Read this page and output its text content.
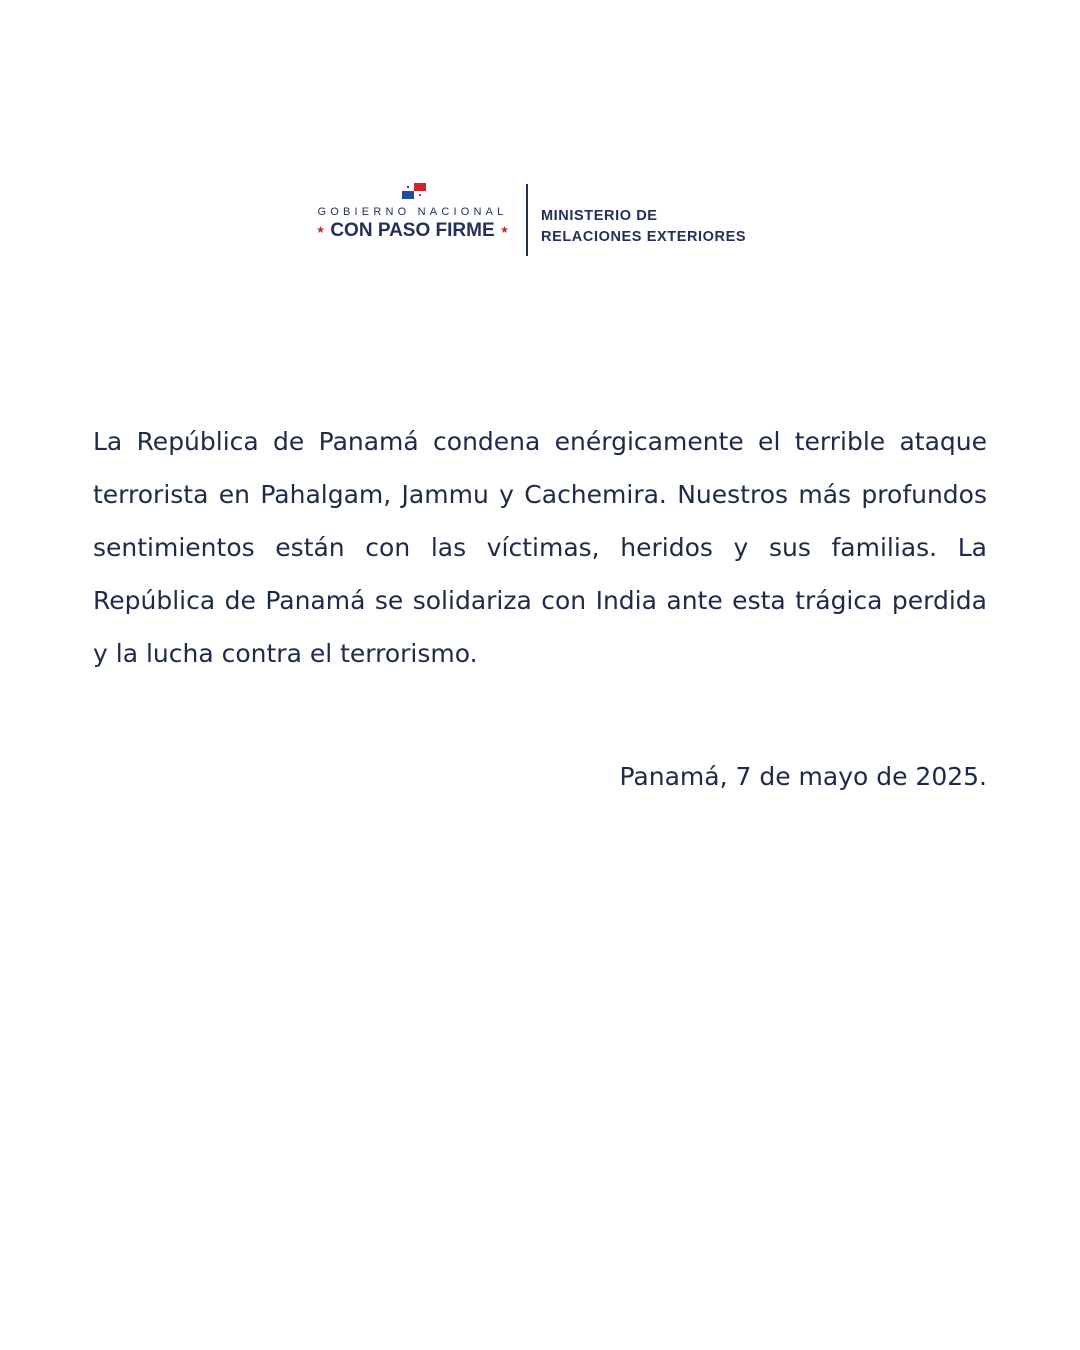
GOBIERNO NACIONAL
★ CON PASO FIRME ★
MINISTERIO DE
RELACIONES EXTERIORES

La República de Panamá condena enérgicamente el terrible ataque terrorista en Pahalgam, Jammu y Cachemira. Nuestros más profundos sentimientos están con las víctimas, heridos y sus familias. La República de Panamá se solidariza con India ante esta trágica perdida y la lucha contra el terrorismo.

Panamá, 7 de mayo de 2025.
